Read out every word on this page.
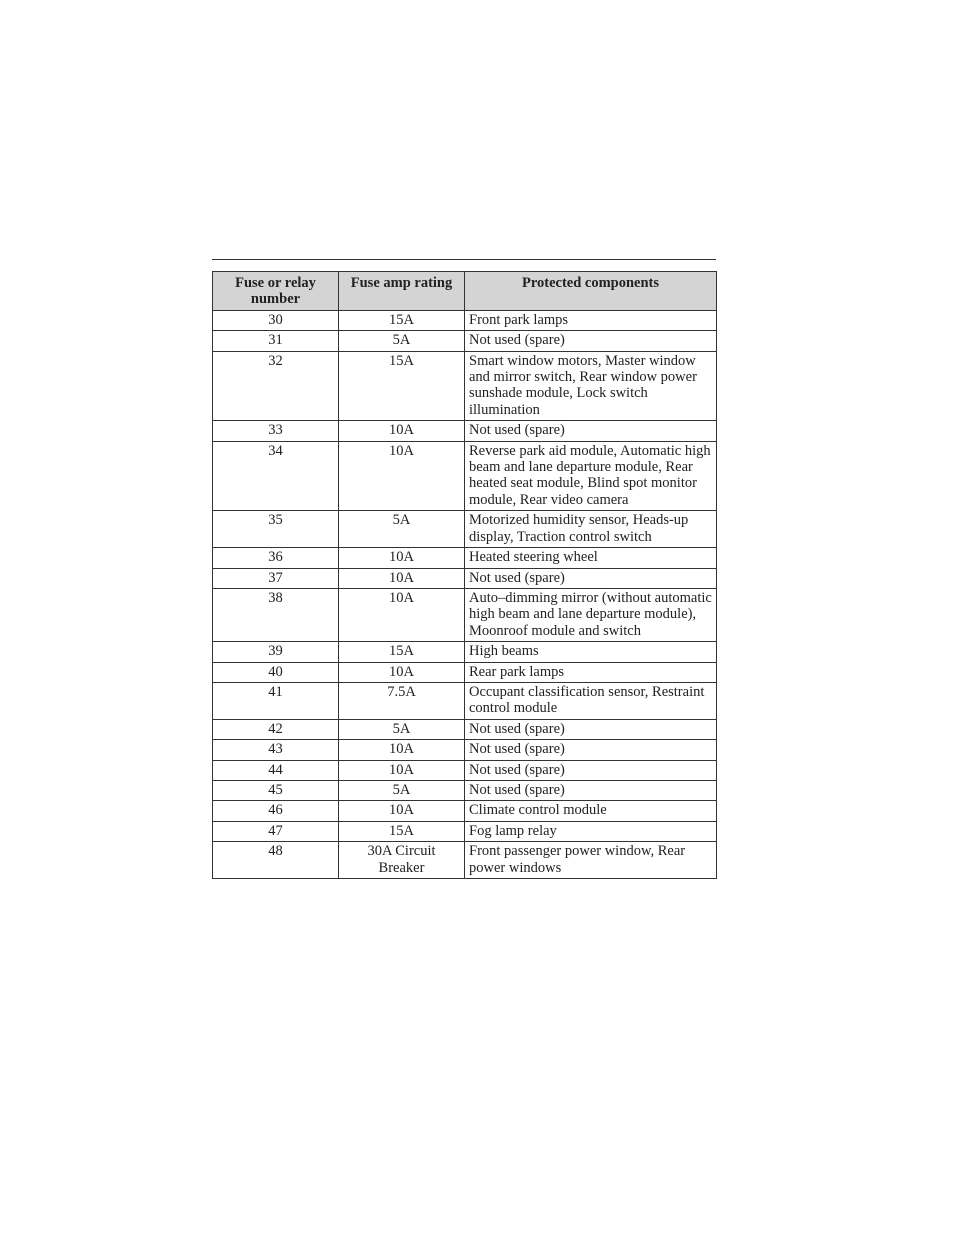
Fuse or relay number	Fuse amp rating	Protected components
30	15A	Front park lamps
31	5A	Not used (spare)
32	15A	Smart window motors, Master window and mirror switch, Rear window power sunshade module, Lock switch illumination
33	10A	Not used (spare)
34	10A	Reverse park aid module, Automatic high beam and lane departure module, Rear heated seat module, Blind spot monitor module, Rear video camera
35	5A	Motorized humidity sensor, Heads-up display, Traction control switch
36	10A	Heated steering wheel
37	10A	Not used (spare)
38	10A	Auto–dimming mirror (without automatic high beam and lane departure module), Moonroof module and switch
39	15A	High beams
40	10A	Rear park lamps
41	7.5A	Occupant classification sensor, Restraint control module
42	5A	Not used (spare)
43	10A	Not used (spare)
44	10A	Not used (spare)
45	5A	Not used (spare)
46	10A	Climate control module
47	15A	Fog lamp relay
48	30A Circuit Breaker	Front passenger power window, Rear power windows
